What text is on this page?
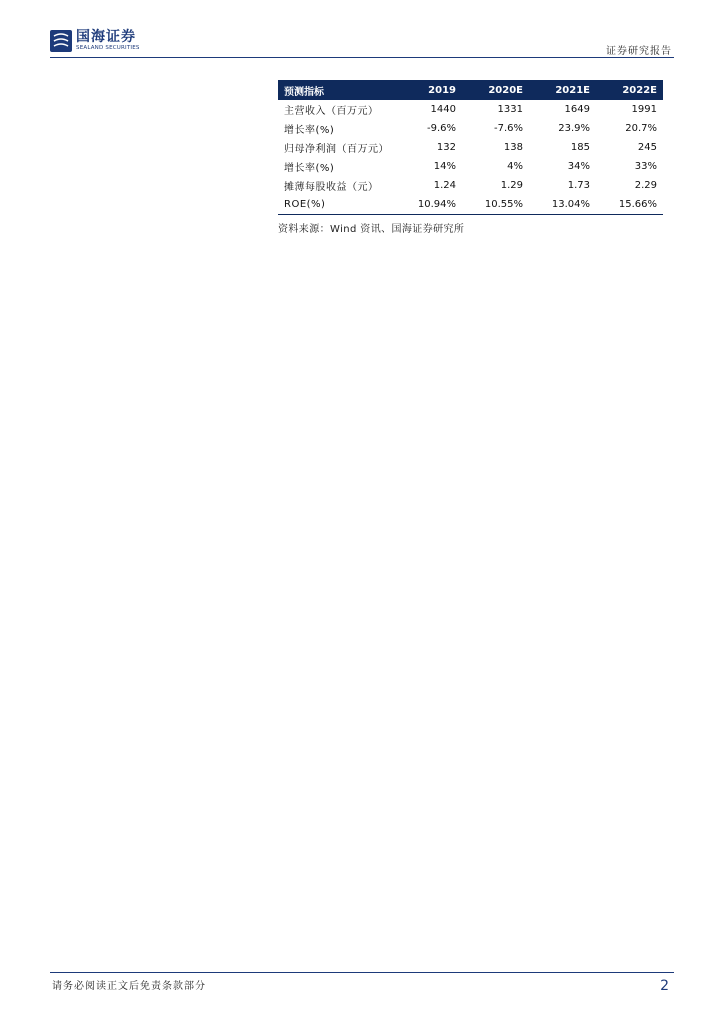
国海证券
SEALAND SECURITIES	证券研究报告
预测指标	2019	2020E	2021E	2022E
主营收入（百万元）	1440	1331	1649	1991
增长率(%)	-9.6%	-7.6%	23.9%	20.7%
归母净利润（百万元）	132	138	185	245
增长率(%)	14%	4%	34%	33%
摊薄每股收益（元）	1.24	1.29	1.73	2.29
ROE(%)	10.94%	10.55%	13.04%	15.66%
资料来源：Wind 资讯、国海证券研究所
请务必阅读正文后免责条款部分	2
